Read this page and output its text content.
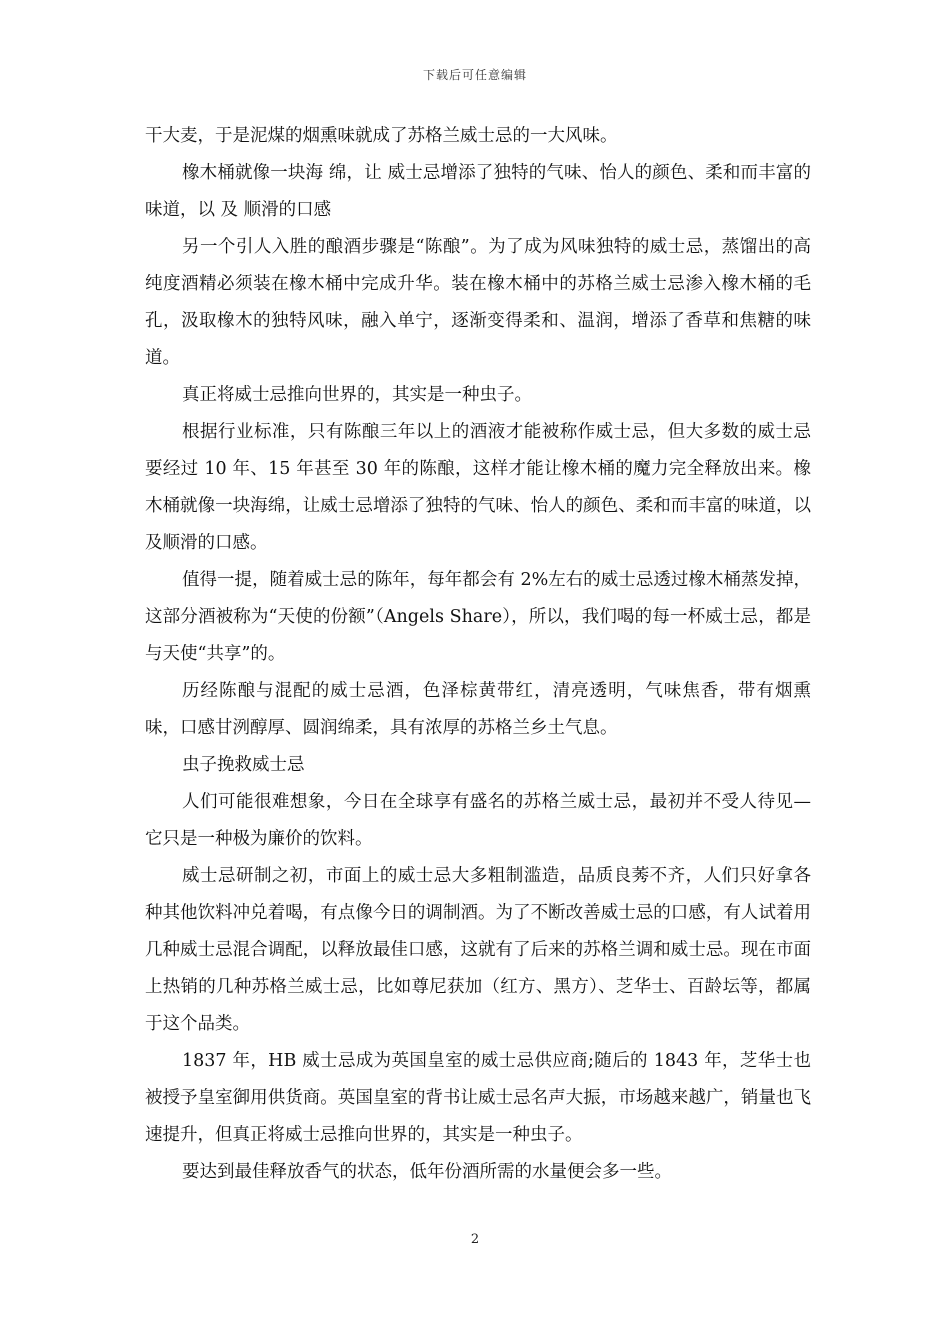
下载后可任意编辑

干大麦，于是泥煤的烟熏味就成了苏格兰威士忌的一大风味。

橡木桶就像一块海 绵，让 威士忌增添了独特的气味、怡人的颜色、柔和而丰富的味道，以 及 顺滑的口感

另一个引人入胜的酿酒步骤是“陈酿”。为了成为风味独特的威士忌，蒸馏出的高纯度酒精必须装在橡木桶中完成升华。装在橡木桶中的苏格兰威士忌渗入橡木桶的毛孔，汲取橡木的独特风味，融入单宁，逐渐变得柔和、温润，增添了香草和焦糖的味道。

真正将威士忌推向世界的，其实是一种虫子。

根据行业标准，只有陈酿三年以上的酒液才能被称作威士忌，但大多数的威士忌要经过 10 年、15 年甚至 30 年的陈酿，这样才能让橡木桶的魔力完全释放出来。橡木桶就像一块海绵，让威士忌增添了独特的气味、怡人的颜色、柔和而丰富的味道，以及顺滑的口感。

值得一提，随着威士忌的陈年，每年都会有 2%左右的威士忌透过橡木桶蒸发掉，这部分酒被称为“天使的份额”（Angels Share），所以，我们喝的每一杯威士忌，都是与天使“共享”的。

历经陈酿与混配的威士忌酒，色泽棕黄带红，清亮透明，气味焦香，带有烟熏味，口感甘洌醇厚、圆润绵柔，具有浓厚的苏格兰乡土气息。

虫子挽救威士忌

人们可能很难想象，今日在全球享有盛名的苏格兰威士忌，最初并不受人待见—它只是一种极为廉价的饮料。

威士忌研制之初，市面上的威士忌大多粗制滥造，品质良莠不齐，人们只好拿各种其他饮料冲兑着喝，有点像今日的调制酒。为了不断改善威士忌的口感，有人试着用几种威士忌混合调配，以释放最佳口感，这就有了后来的苏格兰调和威士忌。现在市面上热销的几种苏格兰威士忌，比如尊尼获加（红方、黑方）、芝华士、百龄坛等，都属于这个品类。

1837 年，HB 威士忌成为英国皇室的威士忌供应商;随后的 1843 年，芝华士也被授予皇室御用供货商。英国皇室的背书让威士忌名声大振，市场越来越广，销量也飞速提升，但真正将威士忌推向世界的，其实是一种虫子。

要达到最佳释放香气的状态，低年份酒所需的水量便会多一些。

2
